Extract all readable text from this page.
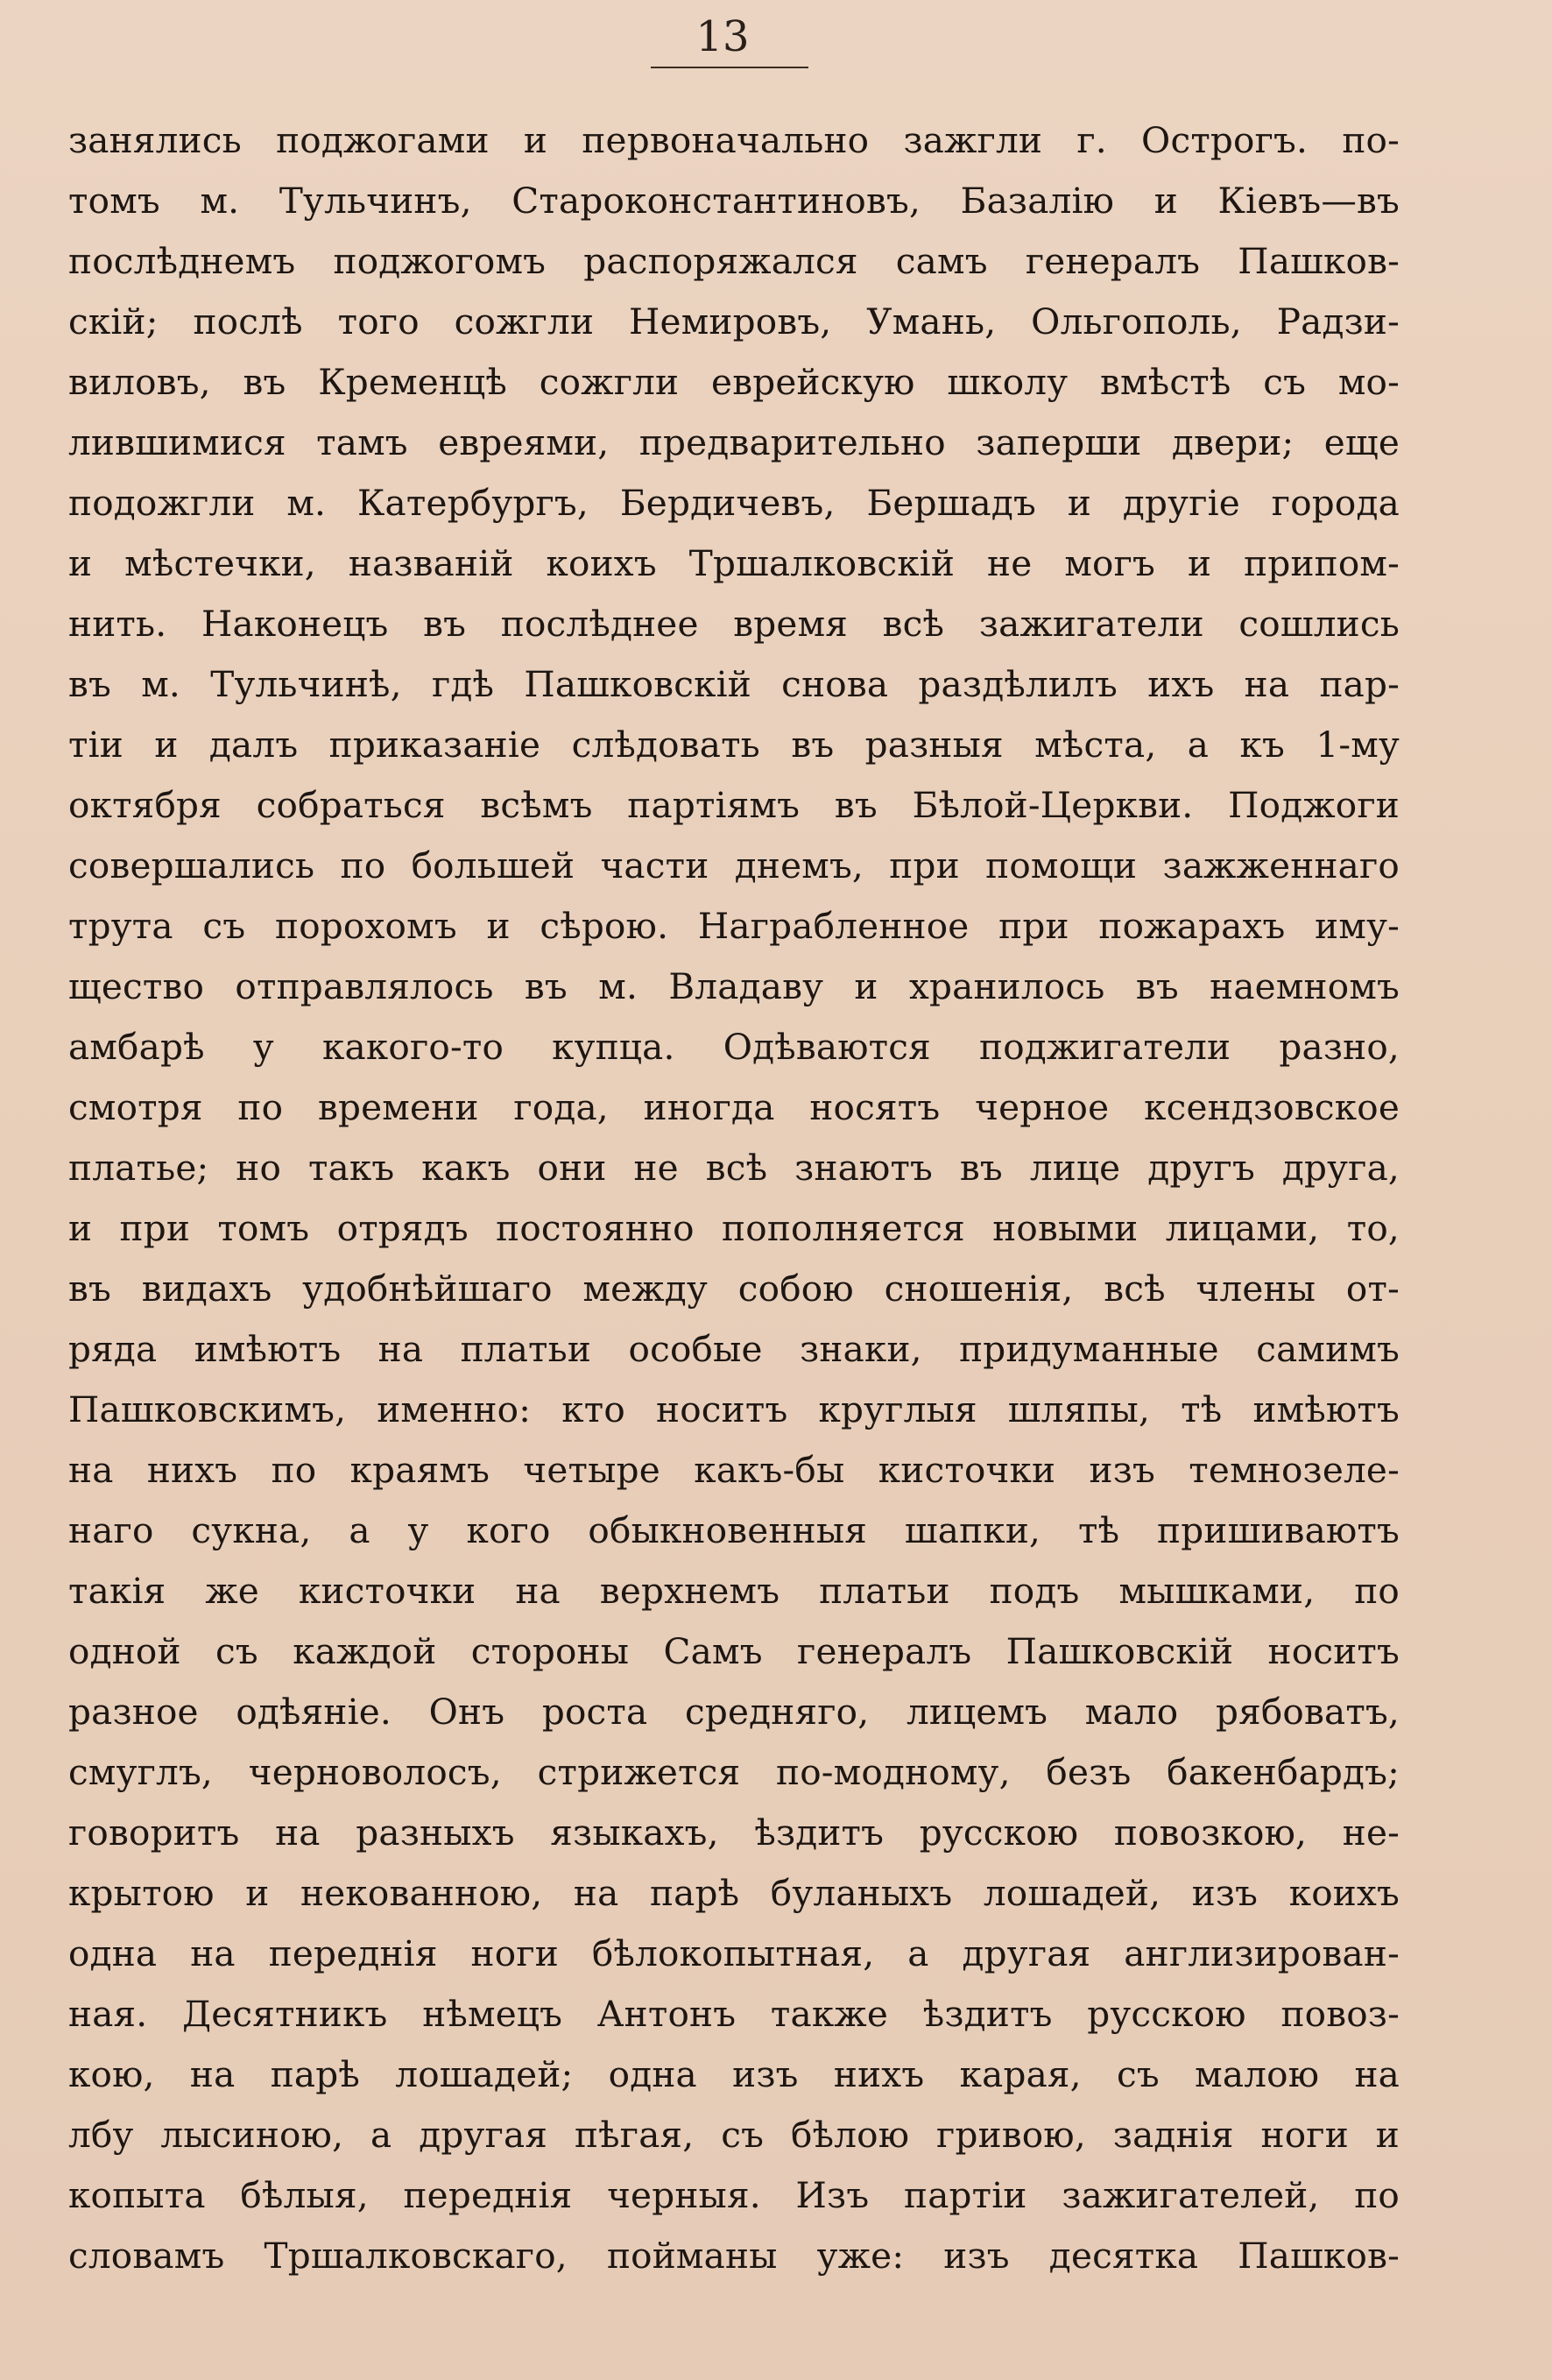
13
занялись поджогами и первоначально зажгли г. Острогъ. по-
томъ м. Тульчинъ, Староконстантиновъ, Базалію и Кіевъ—въ
послѣднемъ поджогомъ распоряжался самъ генералъ Пашков-
скій; послѣ того сожгли Немировъ, Умань, Ольгополь, Радзи-
виловъ, въ Кременцѣ сожгли еврейскую школу вмѣстѣ съ мо-
лившимися тамъ евреями, предварительно заперши двери; еще
подожгли м. Катербургъ, Бердичевъ, Бершадъ и другіе города
и мѣстечки, названій коихъ Тршалковскій не могъ и припом-
нить. Наконецъ въ послѣднее время всѣ зажигатели сошлись
въ м. Тульчинѣ, гдѣ Пашковскій снова раздѣлилъ ихъ на пар-
тіи и далъ приказаніе слѣдовать въ разныя мѣста, а къ 1-му
октября собраться всѣмъ партіямъ въ Бѣлой-Церкви. Поджоги
совершались по большей части днемъ, при помощи зажженнаго
трута съ порохомъ и сѣрою. Награбленное при пожарахъ иму-
щество отправлялось въ м. Владаву и хранилось въ наемномъ
амбарѣ у какого-то купца. Одѣваются поджигатели разно,
смотря по времени года, иногда носятъ черное ксендзовское
платье; но такъ какъ они не всѣ знаютъ въ лице другъ друга,
и при томъ отрядъ постоянно пополняется новыми лицами, то,
въ видахъ удобнѣйшаго между собою сношенія, всѣ члены от-
ряда имѣютъ на платьи особые знаки, придуманные самимъ
Пашковскимъ, именно: кто носитъ круглыя шляпы, тѣ имѣютъ
на нихъ по краямъ четыре какъ-бы кисточки изъ темнозеле-
наго сукна, а у кого обыкновенныя шапки, тѣ пришиваютъ
такія же кисточки на верхнемъ платьи подъ мышками, по
одной съ каждой стороны Самъ генералъ Пашковскій носитъ
разное одѣяніе. Онъ роста средняго, лицемъ мало рябоватъ,
смуглъ, черноволосъ, стрижется по-модному, безъ бакенбардъ;
говоритъ на разныхъ языкахъ, ѣздитъ русскою повозкою, не-
крытою и некованною, на парѣ буланыхъ лошадей, изъ коихъ
одна на переднія ноги бѣлокопытная, а другая англизирован-
ная. Десятникъ нѣмецъ Антонъ также ѣздитъ русскою повоз-
кою, на парѣ лошадей; одна изъ нихъ карая, съ малою на
лбу лысиною, а другая пѣгая, съ бѣлою гривою, заднія ноги и
копыта бѣлыя, переднія черныя. Изъ партіи зажигателей, по
словамъ Тршалковскаго, пойманы уже: изъ десятка Пашков-
